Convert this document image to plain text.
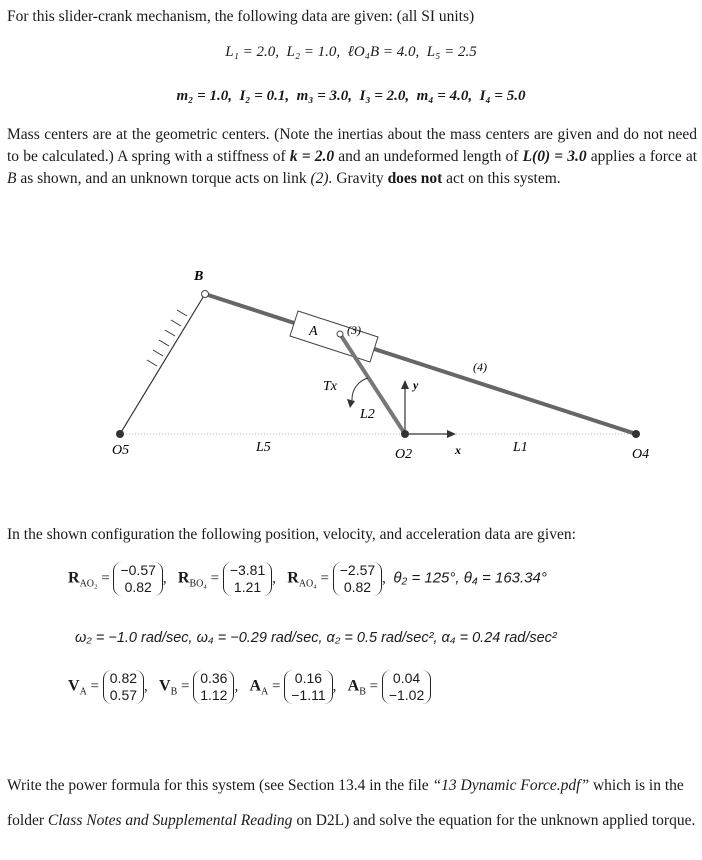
For this slider-crank mechanism, the following data are given: (all SI units)
L₁ = 2.0, L₂ = 1.0, ℓO₄B = 4.0, L₅ = 2.5
m₂ = 1.0, I₂ = 0.1, m₃ = 3.0, I₃ = 2.0, m₄ = 4.0, I₄ = 5.0
Mass centers are at the geometric centers. (Note the inertias about the mass centers are given and do not need to be calculated.) A spring with a stiffness of k = 2.0 and an undeformed length of L(0) = 3.0 applies a force at B as shown, and an unknown torque acts on link (2). Gravity does not act on this system.
B
A (3)
(4)
Tx
L2
y
x
L5	L1
O5	O2	O4
In the shown configuration the following position, velocity, and acceleration data are given:
$R_{AO_2}$ =
−0.57
0.82
,   $R_{BO_4}$ =
−3.81
1.21
,   $R_{AO_4}$ =
−2.57
0.82
,  θ₂ = 125°, θ₄ = 163.34°
ω₂ = −1.0 rad/sec, ω₄ = −0.29 rad/sec, α₂ = 0.5 rad/sec², α₄ = 0.24 rad/sec²
$V_A$ =
0.82
0.57
,   $V_B$ =
0.36
1.12
,   $A_A$ =
0.16
−1.11
,   $A_B$ =
0.04
−1.02
Write the power formula for this system (see Section 13.4 in the file “13 Dynamic Force.pdf” which is in the folder Class Notes and Supplemental Reading on D2L) and solve the equation for the unknown applied torque.
